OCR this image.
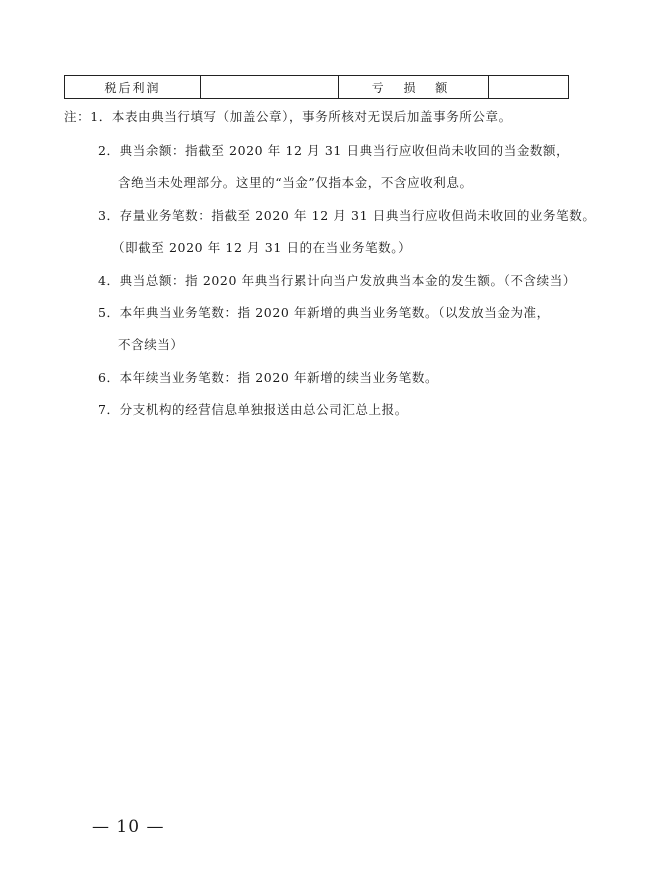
税后利润	亏 损 额
注：1．本表由典当行填写（加盖公章），事务所核对无误后加盖事务所公章。
2．典当余额：指截至 2020 年 12 月 31 日典当行应收但尚未收回的当金数额，
含绝当未处理部分。这里的“当金”仅指本金，不含应收利息。
3．存量业务笔数：指截至 2020 年 12 月 31 日典当行应收但尚未收回的业务笔数。
（即截至 2020 年 12 月 31 日的在当业务笔数。）
4．典当总额：指 2020 年典当行累计向当户发放典当本金的发生额。（不含续当）
5．本年典当业务笔数：指 2020 年新增的典当业务笔数。（以发放当金为准，
不含续当）
6．本年续当业务笔数：指 2020 年新增的续当业务笔数。
7．分支机构的经营信息单独报送由总公司汇总上报。
— 10 —
